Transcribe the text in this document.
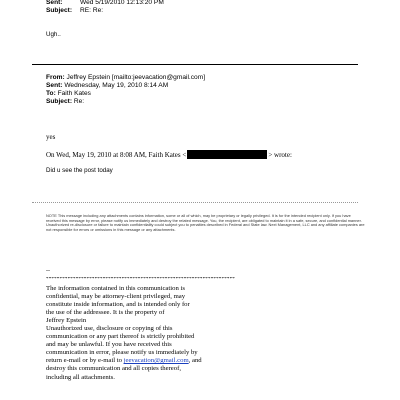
Sent:	Wed 5/19/2010 12:13:20 PM
Subject: RE: Re:
Ugh..
From: Jeffrey Epstein [mailto:jeevacation@gmail.com]
Sent: Wednesday, May 19, 2010 8:14 AM
To: Faith Kates
Subject: Re:
yes
On Wed, May 19, 2010 at 8:08 AM, Faith Kates <	> wrote:
Did u see the post today
NOTE This message including any attachments contains information, some or all of which, may be proprietary or legally privileged. It is for the intended recipient only. If you have received this message by error, please notify us immediately and destroy the related message. You, the recipient, are obligated to maintain it in a safe, secure, and confidential manner. Unauthorized re-disclosure or failure to maintain confidentiality could subject you to penalties described in Federal and State law. Next Management, LLC and any affiliate companies are not responsible for errors or omissions in this message or any attachments.
--
**********************************************************************
The information contained in this communication is
confidential, may be attorney-client privileged, may
constitute inside information, and is intended only for
the use of the addressee. It is the property of
Jeffrey Epstein
Unauthorized use, disclosure or copying of this
communication or any part thereof is strictly prohibited
and may be unlawful. If you have received this
communication in error, please notify us immediately by
return e-mail or by e-mail to jeevacation@gmail.com, and
destroy this communication and all copies thereof,
including all attachments.
